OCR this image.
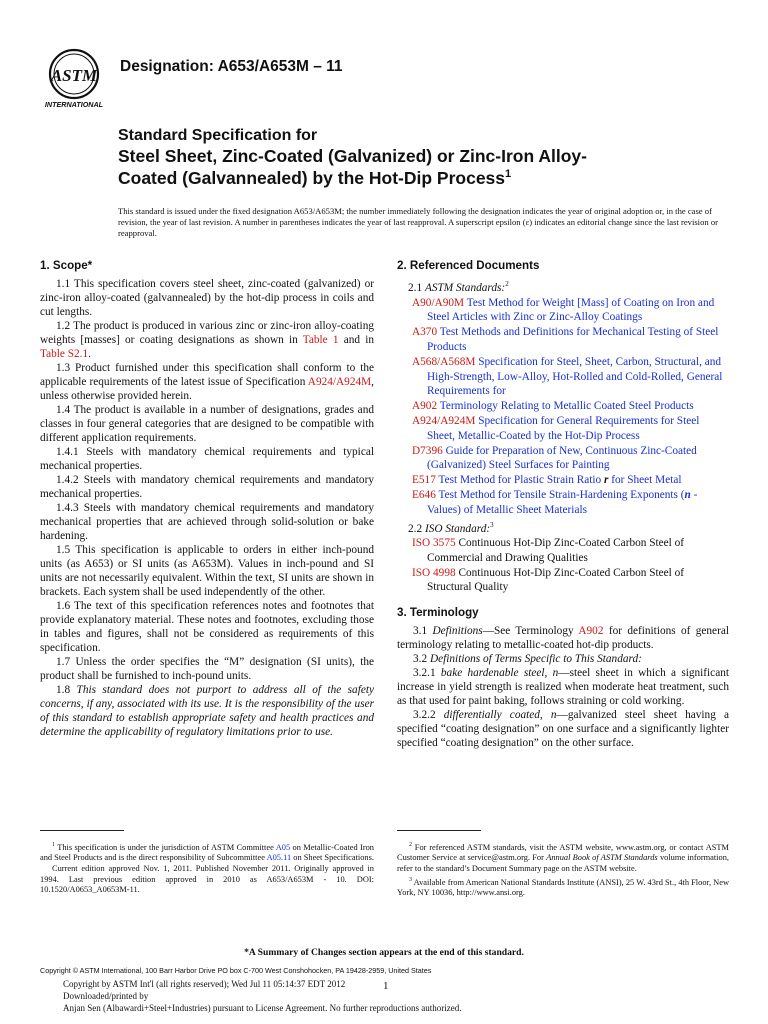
ASTM
INTERNATIONAL
Designation: A653/A653M – 11
Standard Specification for
Steel Sheet, Zinc-Coated (Galvanized) or Zinc-Iron Alloy-
Coated (Galvannealed) by the Hot-Dip Process$^1$
This standard is issued under the fixed designation A653/A653M; the number immediately following the designation indicates the year of original adoption or, in the case of revision, the year of last revision. A number in parentheses indicates the year of last reapproval. A superscript epsilon (ε) indicates an editorial change since the last revision or reapproval.
1. Scope*
1.1 This specification covers steel sheet, zinc-coated (galvanized) or zinc-iron alloy-coated (galvannealed) by the hot-dip process in coils and cut lengths.
1.2 The product is produced in various zinc or zinc-iron alloy-coating weights [masses] or coating designations as shown in Table 1 and in Table S2.1.
1.3 Product furnished under this specification shall conform to the applicable requirements of the latest issue of Specification A924/A924M, unless otherwise provided herein.
1.4 The product is available in a number of designations, grades and classes in four general categories that are designed to be compatible with different application requirements.
1.4.1 Steels with mandatory chemical requirements and typical mechanical properties.
1.4.2 Steels with mandatory chemical requirements and mandatory mechanical properties.
1.4.3 Steels with mandatory chemical requirements and mandatory mechanical properties that are achieved through solid-solution or bake hardening.
1.5 This specification is applicable to orders in either inch-pound units (as A653) or SI units (as A653M). Values in inch-pound and SI units are not necessarily equivalent. Within the text, SI units are shown in brackets. Each system shall be used independently of the other.
1.6 The text of this specification references notes and footnotes that provide explanatory material. These notes and footnotes, excluding those in tables and figures, shall not be considered as requirements of this specification.
1.7 Unless the order specifies the “M” designation (SI units), the product shall be furnished to inch-pound units.
1.8 This standard does not purport to address all of the safety concerns, if any, associated with its use. It is the responsibility of the user of this standard to establish appropriate safety and health practices and determine the applicability of regulatory limitations prior to use.
2. Referenced Documents
2.1 ASTM Standards:$^2$
A90/A90M Test Method for Weight [Mass] of Coating on Iron and Steel Articles with Zinc or Zinc-Alloy Coatings
A370 Test Methods and Definitions for Mechanical Testing of Steel Products
A568/A568M Specification for Steel, Sheet, Carbon, Structural, and High-Strength, Low-Alloy, Hot-Rolled and Cold-Rolled, General Requirements for
A902 Terminology Relating to Metallic Coated Steel Products
A924/A924M Specification for General Requirements for Steel Sheet, Metallic-Coated by the Hot-Dip Process
D7396 Guide for Preparation of New, Continuous Zinc-Coated (Galvanized) Steel Surfaces for Painting
E517 Test Method for Plastic Strain Ratio r for Sheet Metal
E646 Test Method for Tensile Strain-Hardening Exponents (n -Values) of Metallic Sheet Materials
2.2 ISO Standard:$^3$
ISO 3575 Continuous Hot-Dip Zinc-Coated Carbon Steel of Commercial and Drawing Qualities
ISO 4998 Continuous Hot-Dip Zinc-Coated Carbon Steel of Structural Quality
3. Terminology
3.1 Definitions—See Terminology A902 for definitions of general terminology relating to metallic-coated hot-dip products.
3.2 Definitions of Terms Specific to This Standard:
3.2.1 bake hardenable steel, n—steel sheet in which a significant increase in yield strength is realized when moderate heat treatment, such as that used for paint baking, follows straining or cold working.
3.2.2 differentially coated, n—galvanized steel sheet having a specified “coating designation” on one surface and a significantly lighter specified “coating designation” on the other surface.
$^1$ This specification is under the jurisdiction of ASTM Committee A05 on Metallic-Coated Iron and Steel Products and is the direct responsibility of Subcommittee A05.11 on Sheet Specifications.
Current edition approved Nov. 1, 2011. Published November 2011. Originally approved in 1994. Last previous edition approved in 2010 as A653/A653M - 10. DOI: 10.1520/A0653_A0653M-11.
$^2$ For referenced ASTM standards, visit the ASTM website, www.astm.org, or contact ASTM Customer Service at service@astm.org. For Annual Book of ASTM Standards volume information, refer to the standard’s Document Summary page on the ASTM website.
$^3$ Available from American National Standards Institute (ANSI), 25 W. 43rd St., 4th Floor, New York, NY 10036, http://www.ansi.org.
*A Summary of Changes section appears at the end of this standard.
Copyright © ASTM International, 100 Barr Harbor Drive PO box C-700 West Conshohocken, PA 19428-2959, United States
Copyright by ASTM Int'l (all rights reserved); Wed Jul 11 05:14:37 EDT 2012
Downloaded/printed by
Anjan Sen (Albawardi+Steel+Industries) pursuant to License Agreement. No further reproductions authorized.
1
